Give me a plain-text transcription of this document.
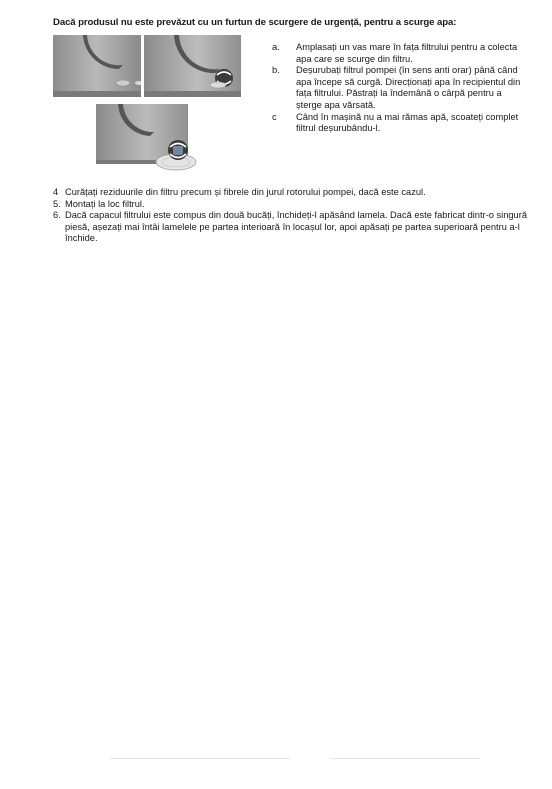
Dacă produsul nu este prevăzut cu un furtun de scurgere de urgență, pentru a scurge apa:
a.	Amplasați un vas mare în fața filtrului pentru a colecta apa care se scurge din filtru.
b.	Deșurubați filtrul pompei (în sens anti orar) până când apa începe să curgă. Direcționați apa în recipientul din fața filtrului. Păstrați la îndemână o cârpă pentru a șterge apa vărsată.
c	Când în mașină nu a mai rămas apă, scoateți complet filtrul deșurubându-l.
4 Curățați reziduurile din filtru precum și fibrele din jurul rotorului pompei, dacă este cazul.
5. Montați la loc filtrul.
6. Dacă capacul filtrului este compus din două bucăți, închideți-l apăsând lamela. Dacă este fabricat dintr-o singură piesă, așezați mai întâi lamelele pe partea interioară în locașul lor, apoi apăsați pe partea superioară pentru a-l închide.
